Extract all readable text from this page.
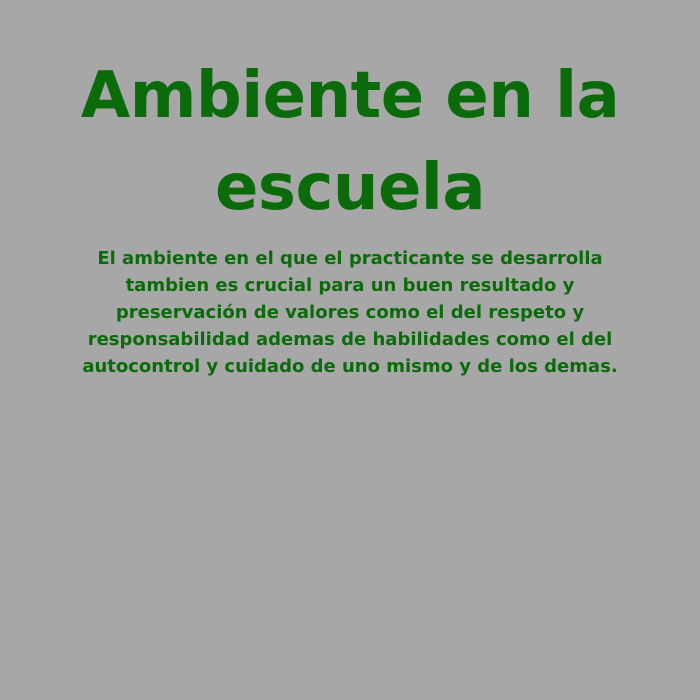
Ambiente en la escuela

El ambiente en el que el practicante se desarrolla tambien es crucial para un buen resultado y preservación de valores como el del respeto y responsabilidad ademas de habilidades como el del autocontrol y cuidado de uno mismo y de los demas.
